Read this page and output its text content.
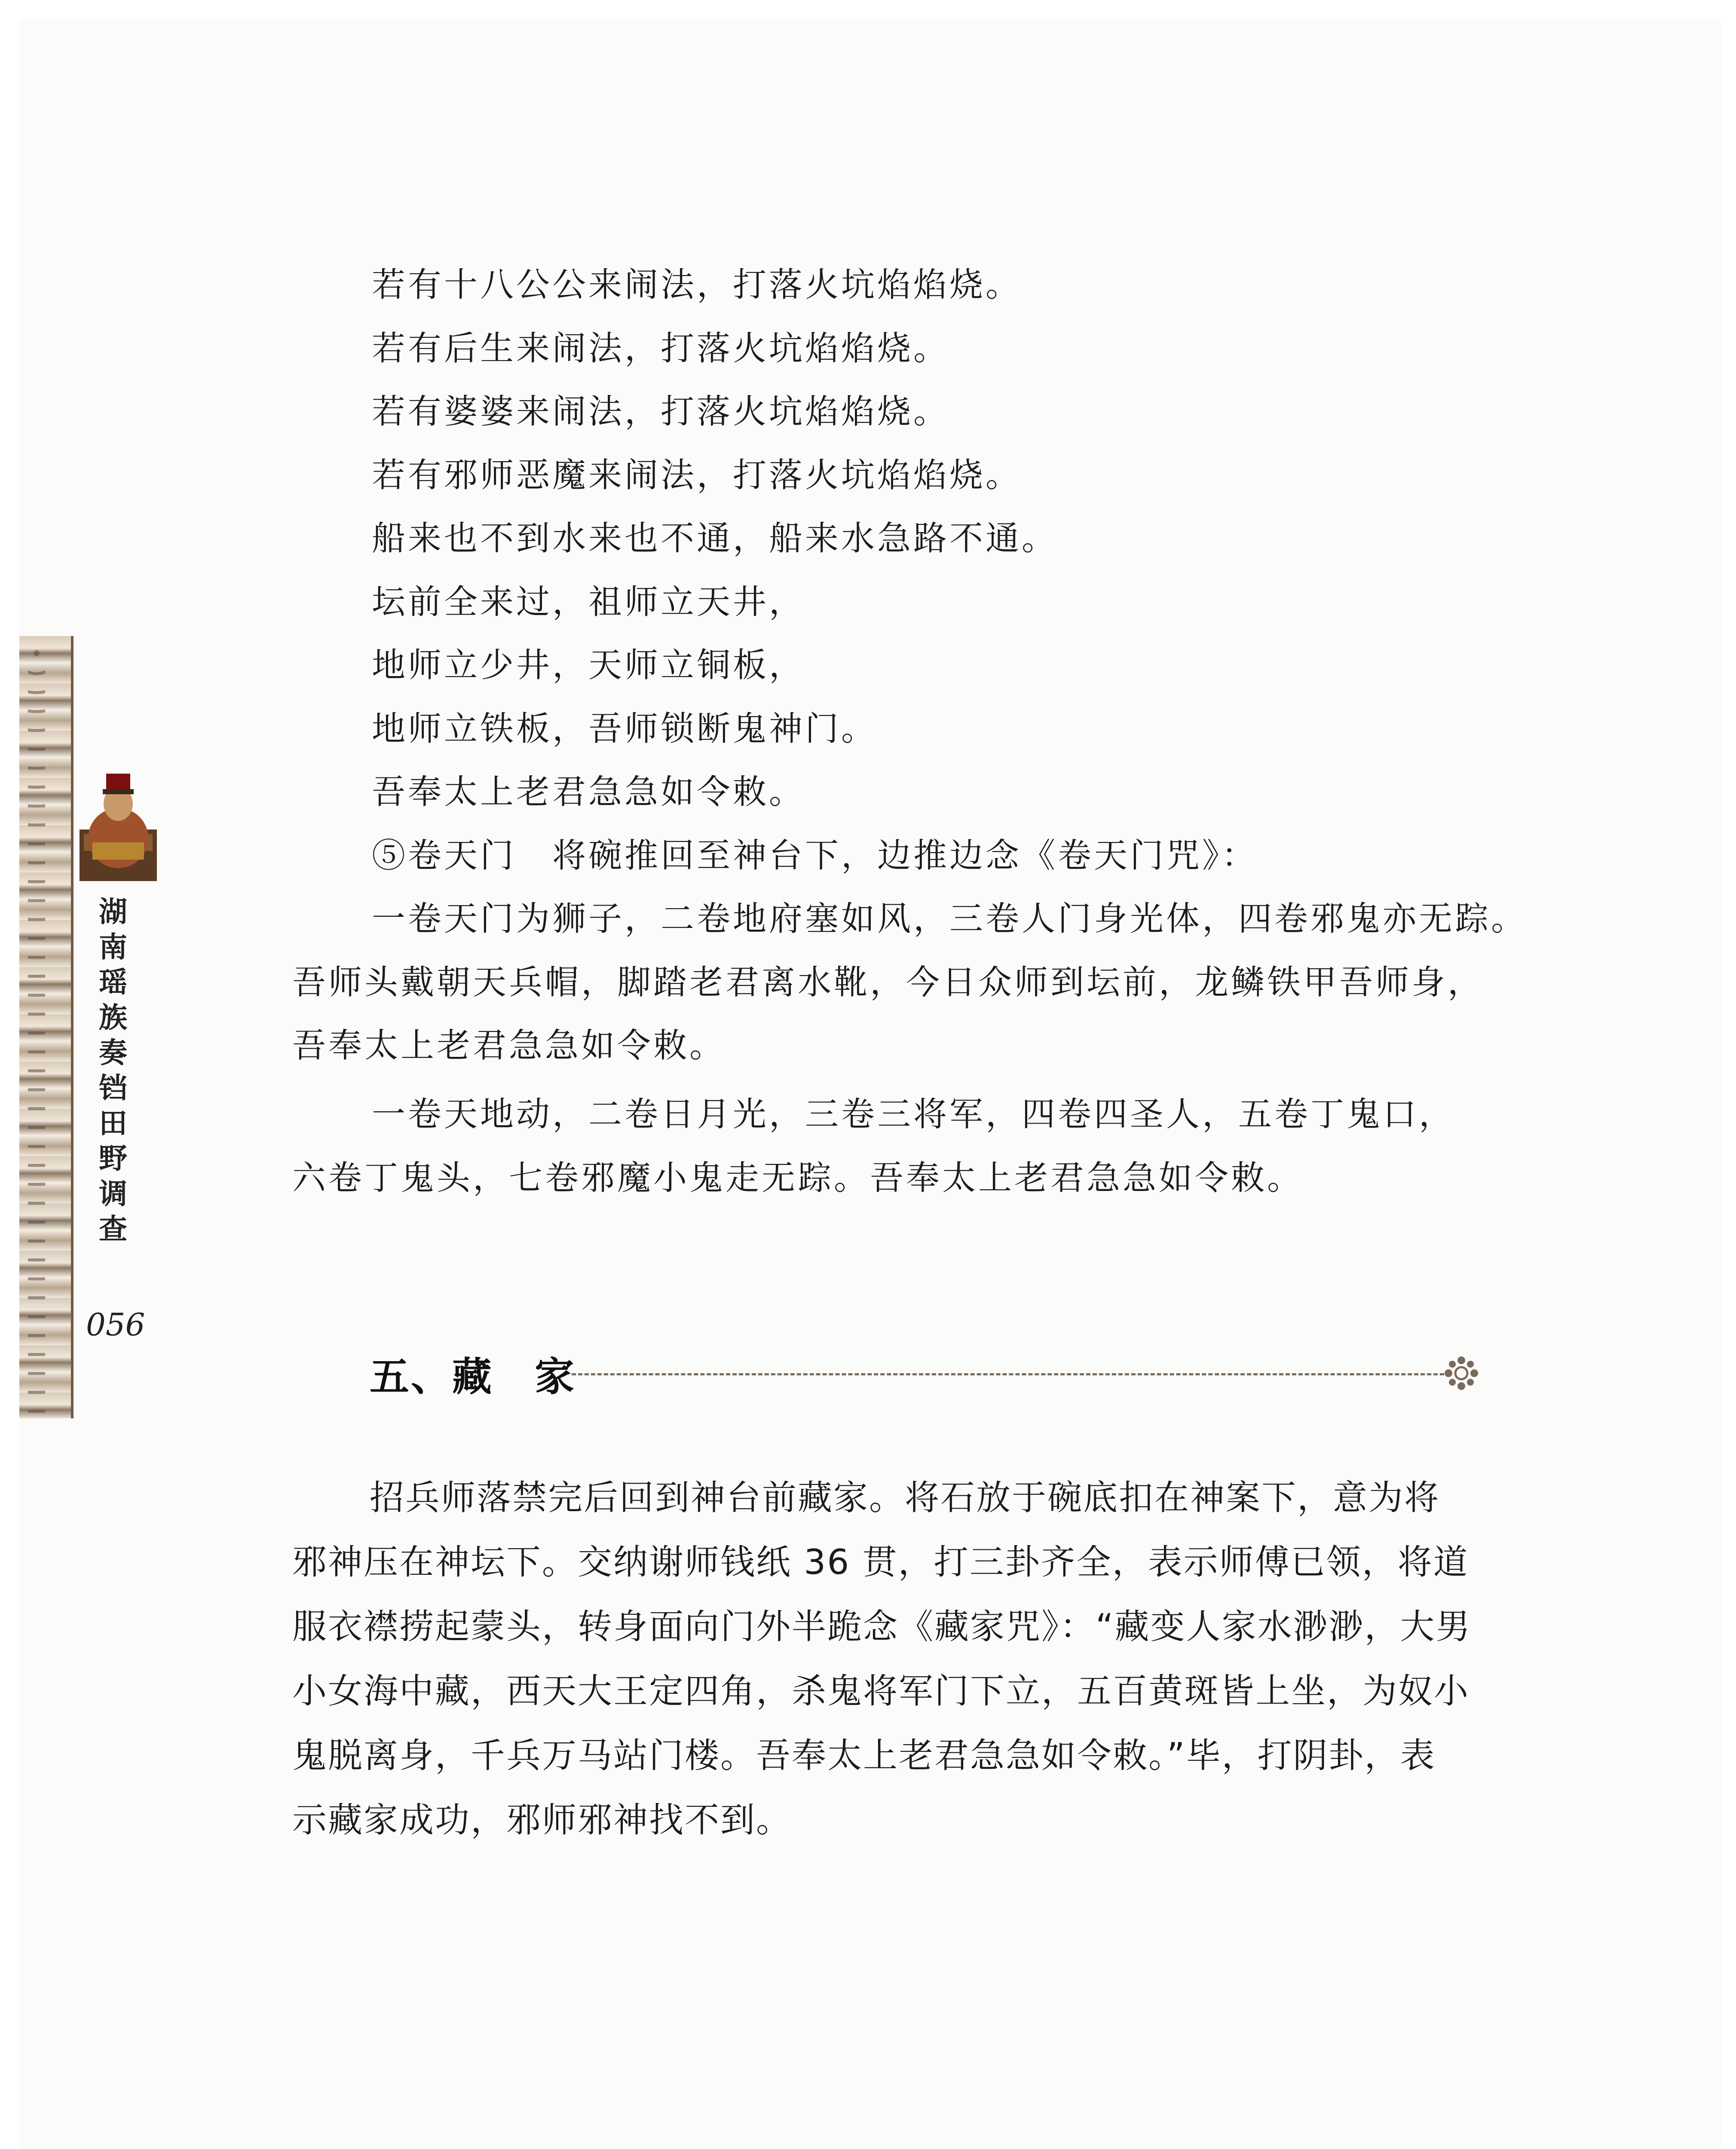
湖
南
瑶
族
奏
铛
田
野
调
查
056
若有十八公公来闹法，打落火坑焰焰烧。
若有后生来闹法，打落火坑焰焰烧。
若有婆婆来闹法，打落火坑焰焰烧。
若有邪师恶魔来闹法，打落火坑焰焰烧。
船来也不到水来也不通，船来水急路不通。
坛前全来过，祖师立天井，
地师立少井，天师立铜板，
地师立铁板，吾师锁断鬼神门。
吾奉太上老君急急如令敕。
⑤卷天门　将碗推回至神台下，边推边念《卷天门咒》：
一卷天门为狮子，二卷地府塞如风，三卷人门身光体，四卷邪鬼亦无踪。
吾师头戴朝天兵帽，脚踏老君离水靴，今日众师到坛前，龙鳞铁甲吾师身，
吾奉太上老君急急如令敕。
一卷天地动，二卷日月光，三卷三将军，四卷四圣人，五卷丁鬼口，
六卷丁鬼头，七卷邪魔小鬼走无踪。吾奉太上老君急急如令敕。
五、藏　家
招兵师落禁完后回到神台前藏家。将石放于碗底扣在神案下，意为将
邪神压在神坛下。交纳谢师钱纸 36 贯，打三卦齐全，表示师傅已领，将道
服衣襟捞起蒙头，转身面向门外半跪念《藏家咒》：“藏变人家水渺渺，大男
小女海中藏，西天大王定四角，杀鬼将军门下立，五百黄斑皆上坐，为奴小
鬼脱离身，千兵万马站门楼。吾奉太上老君急急如令敕。”毕，打阴卦，表
示藏家成功，邪师邪神找不到。
